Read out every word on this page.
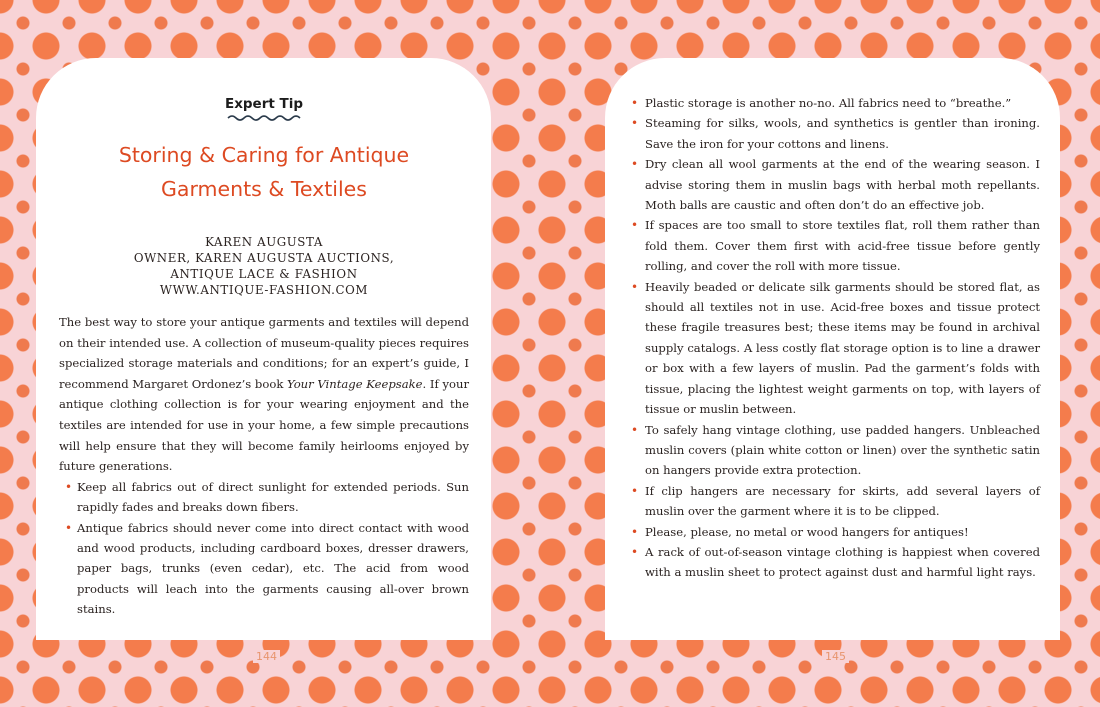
Expert Tip

Storing & Caring for Antique
Garments & Textiles
KAREN AUGUSTA
OWNER, KAREN AUGUSTA AUCTIONS,
ANTIQUE LACE & FASHION
WWW.ANTIQUE-FASHION.COM

The best way to store your antique garments and textiles will depend on their intended use. A collection of museum-quality pieces requires specialized storage materials and conditions; for an expert’s guide, I recommend Margaret Ordonez’s book Your Vintage Keepsake. If your antique clothing collection is for your wearing enjoyment and the textiles are intended for use in your home, a few simple precautions will help ensure that they will become family heirlooms enjoyed by future generations.

• Keep all fabrics out of direct sunlight for extended periods. Sun rapidly fades and breaks down fibers.
• Antique fabrics should never come into direct contact with wood and wood products, including cardboard boxes, dresser drawers, paper bags, trunks (even cedar), etc. The acid from wood products will leach into the garments causing all-over brown stains.
• Plastic storage is another no-no. All fabrics need to “breathe.”
• Steaming for silks, wools, and synthetics is gentler than ironing. Save the iron for your cottons and linens.
• Dry clean all wool garments at the end of the wearing season. I advise storing them in muslin bags with herbal moth repellants. Moth balls are caustic and often don’t do an effective job.
• If spaces are too small to store textiles flat, roll them rather than fold them. Cover them first with acid-free tissue before gently rolling, and cover the roll with more tissue.
• Heavily beaded or delicate silk garments should be stored flat, as should all textiles not in use. Acid-free boxes and tissue protect these fragile treasures best; these items may be found in archival supply catalogs. A less costly flat storage option is to line a drawer or box with a few layers of muslin. Pad the garment’s folds with tissue, placing the lightest weight garments on top, with layers of tissue or muslin between.
• To safely hang vintage clothing, use padded hangers. Unbleached muslin covers (plain white cotton or linen) over the synthetic satin on hangers provide extra protection.
• If clip hangers are necessary for skirts, add several layers of muslin over the garment where it is to be clipped.
• Please, please, no metal or wood hangers for antiques!
• A rack of out-of-season vintage clothing is happiest when covered with a muslin sheet to protect against dust and harmful light rays.
144	145
